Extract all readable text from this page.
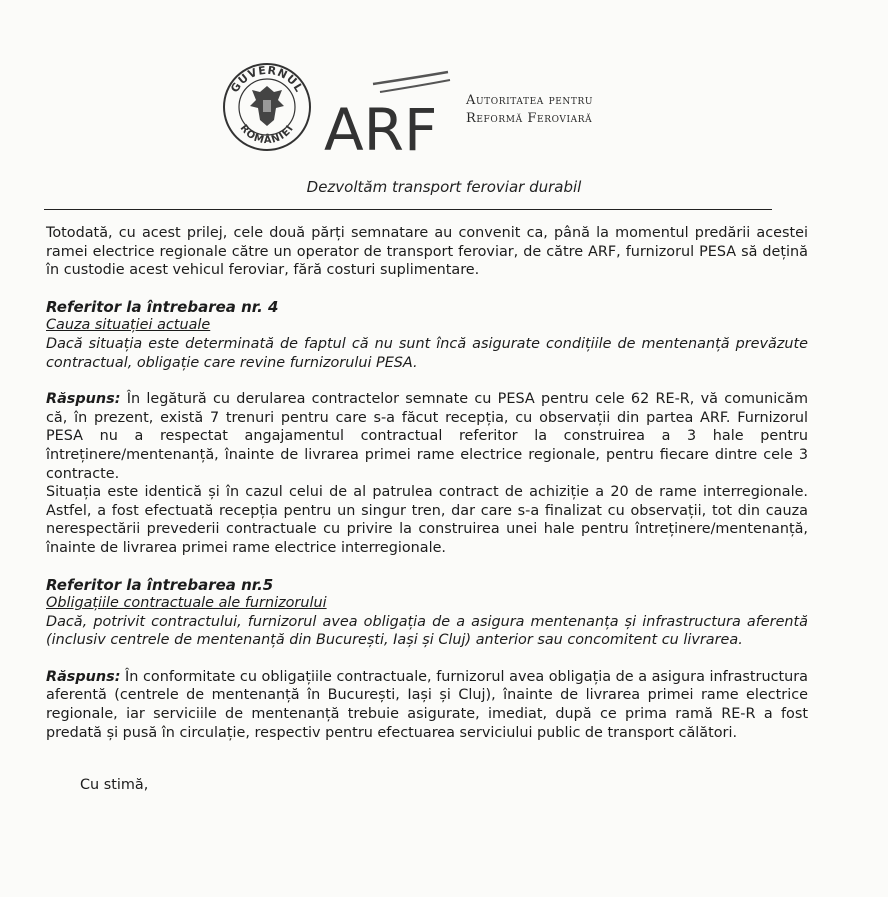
GUVERNUL
ROMÂNIEI ARF Autoritatea pentru
Reformă Feroviară
Dezvoltăm transport feroviar durabil

Totodată, cu acest prilej, cele două părți semnatare au convenit ca, până la momentul predării acestei ramei electrice regionale către un operator de transport feroviar, de către ARF, furnizorul PESA să dețină în custodie acest vehicul feroviar, fără costuri suplimentare.

Referitor la întrebarea nr. 4

Cauza situației actuale

Dacă situația este determinată de faptul că nu sunt încă asigurate condițiile de mentenanță prevăzute contractual, obligație care revine furnizorului PESA.

Răspuns: În legătură cu derularea contractelor semnate cu PESA pentru cele 62 RE-R, vă comunicăm că, în prezent, există 7 trenuri pentru care s-a făcut recepția, cu observații din partea ARF. Furnizorul PESA nu a respectat angajamentul contractual referitor la construirea a 3 hale pentru întreținere/mentenanță, înainte de livrarea primei rame electrice regionale, pentru fiecare dintre cele 3 contracte.

Situația este identică și în cazul celui de al patrulea contract de achiziție a 20 de rame interregionale. Astfel, a fost efectuată recepția pentru un singur tren, dar care s-a finalizat cu observații, tot din cauza nerespectării prevederii contractuale cu privire la construirea unei hale pentru întreținere/mentenanță, înainte de livrarea primei rame electrice interregionale.

Referitor la întrebarea nr.5

Obligațiile contractuale ale furnizorului

Dacă, potrivit contractului, furnizorul avea obligația de a asigura mentenanța și infrastructura aferentă (inclusiv centrele de mentenanță din București, Iași și Cluj) anterior sau concomitent cu livrarea.

Răspuns: În conformitate cu obligațiile contractuale, furnizorul avea obligația de a asigura infrastructura aferentă (centrele de mentenanță în București, Iași și Cluj), înainte de livrarea primei rame electrice regionale, iar serviciile de mentenanță trebuie asigurate, imediat, după ce prima ramă RE-R a fost predată și pusă în circulație, respectiv pentru efectuarea serviciului public de transport călători.

Cu stimă,
